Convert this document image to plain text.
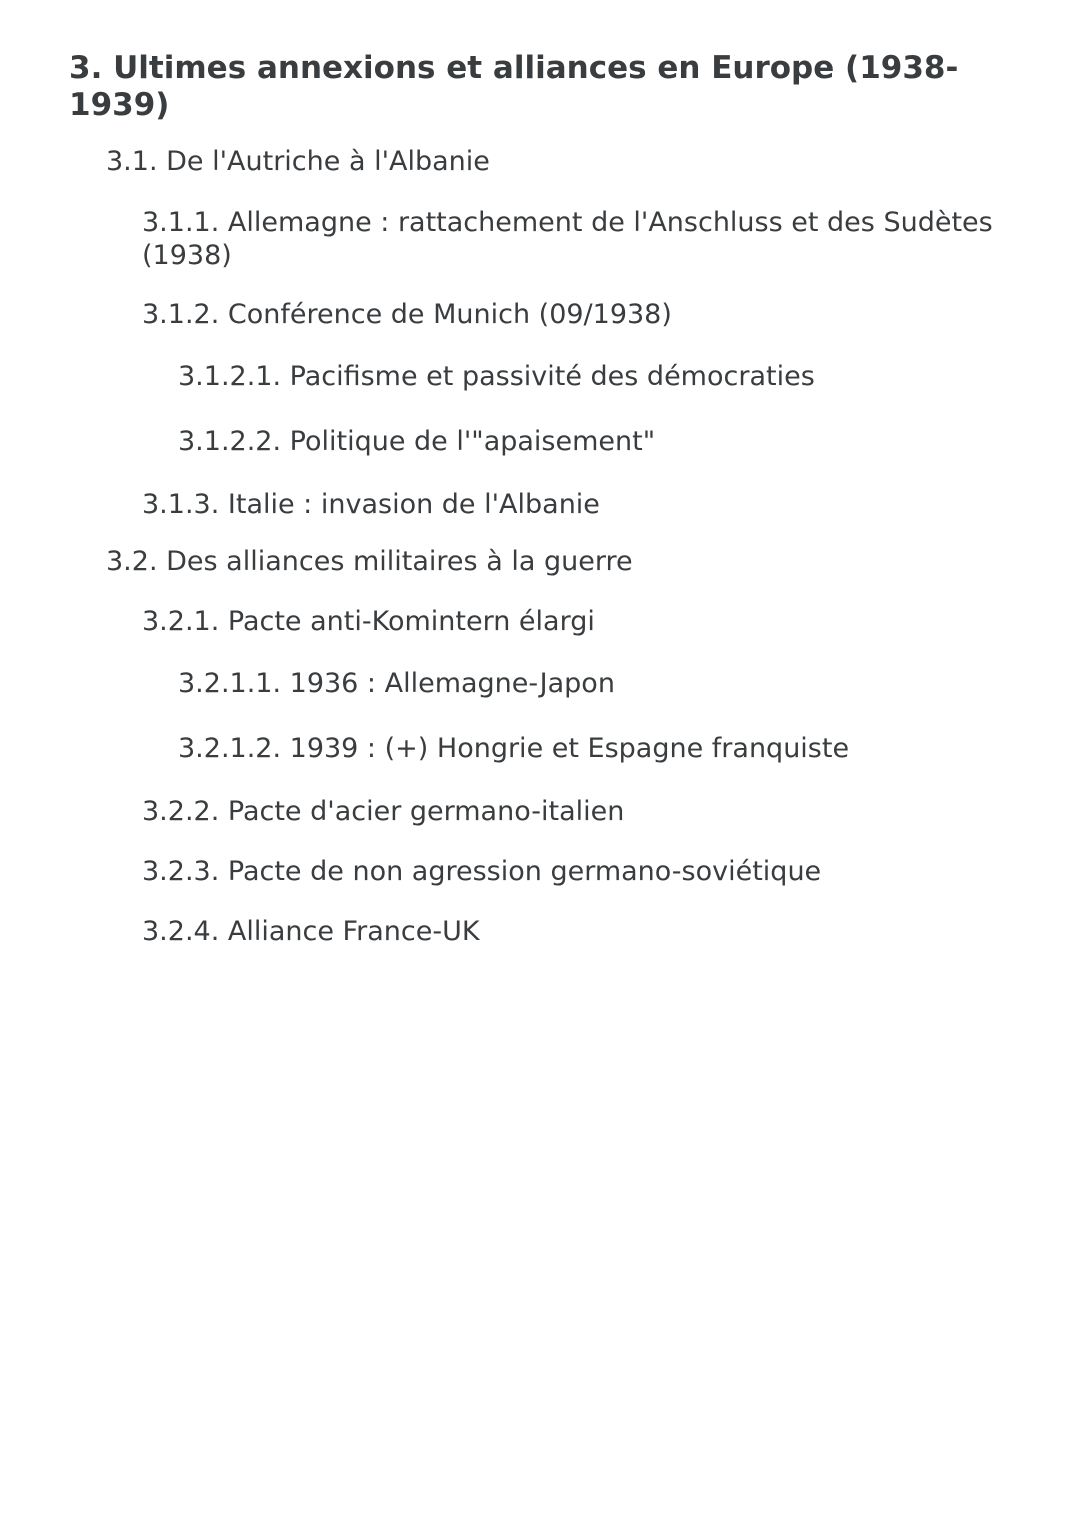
3. Ultimes annexions et alliances en Europe (1938-1939)

3.1. De l'Autriche à l'Albanie

3.1.1. Allemagne : rattachement de l'Anschluss et des Sudètes (1938)

3.1.2. Conférence de Munich (09/1938)

3.1.2.1. Pacifisme et passivité des démocraties

3.1.2.2. Politique de l'"apaisement"

3.1.3. Italie : invasion de l'Albanie

3.2. Des alliances militaires à la guerre

3.2.1. Pacte anti-Komintern élargi

3.2.1.1. 1936 : Allemagne-Japon

3.2.1.2. 1939 : (+) Hongrie et Espagne franquiste

3.2.2. Pacte d'acier germano-italien

3.2.3. Pacte de non agression germano-soviétique

3.2.4. Alliance France-UK
